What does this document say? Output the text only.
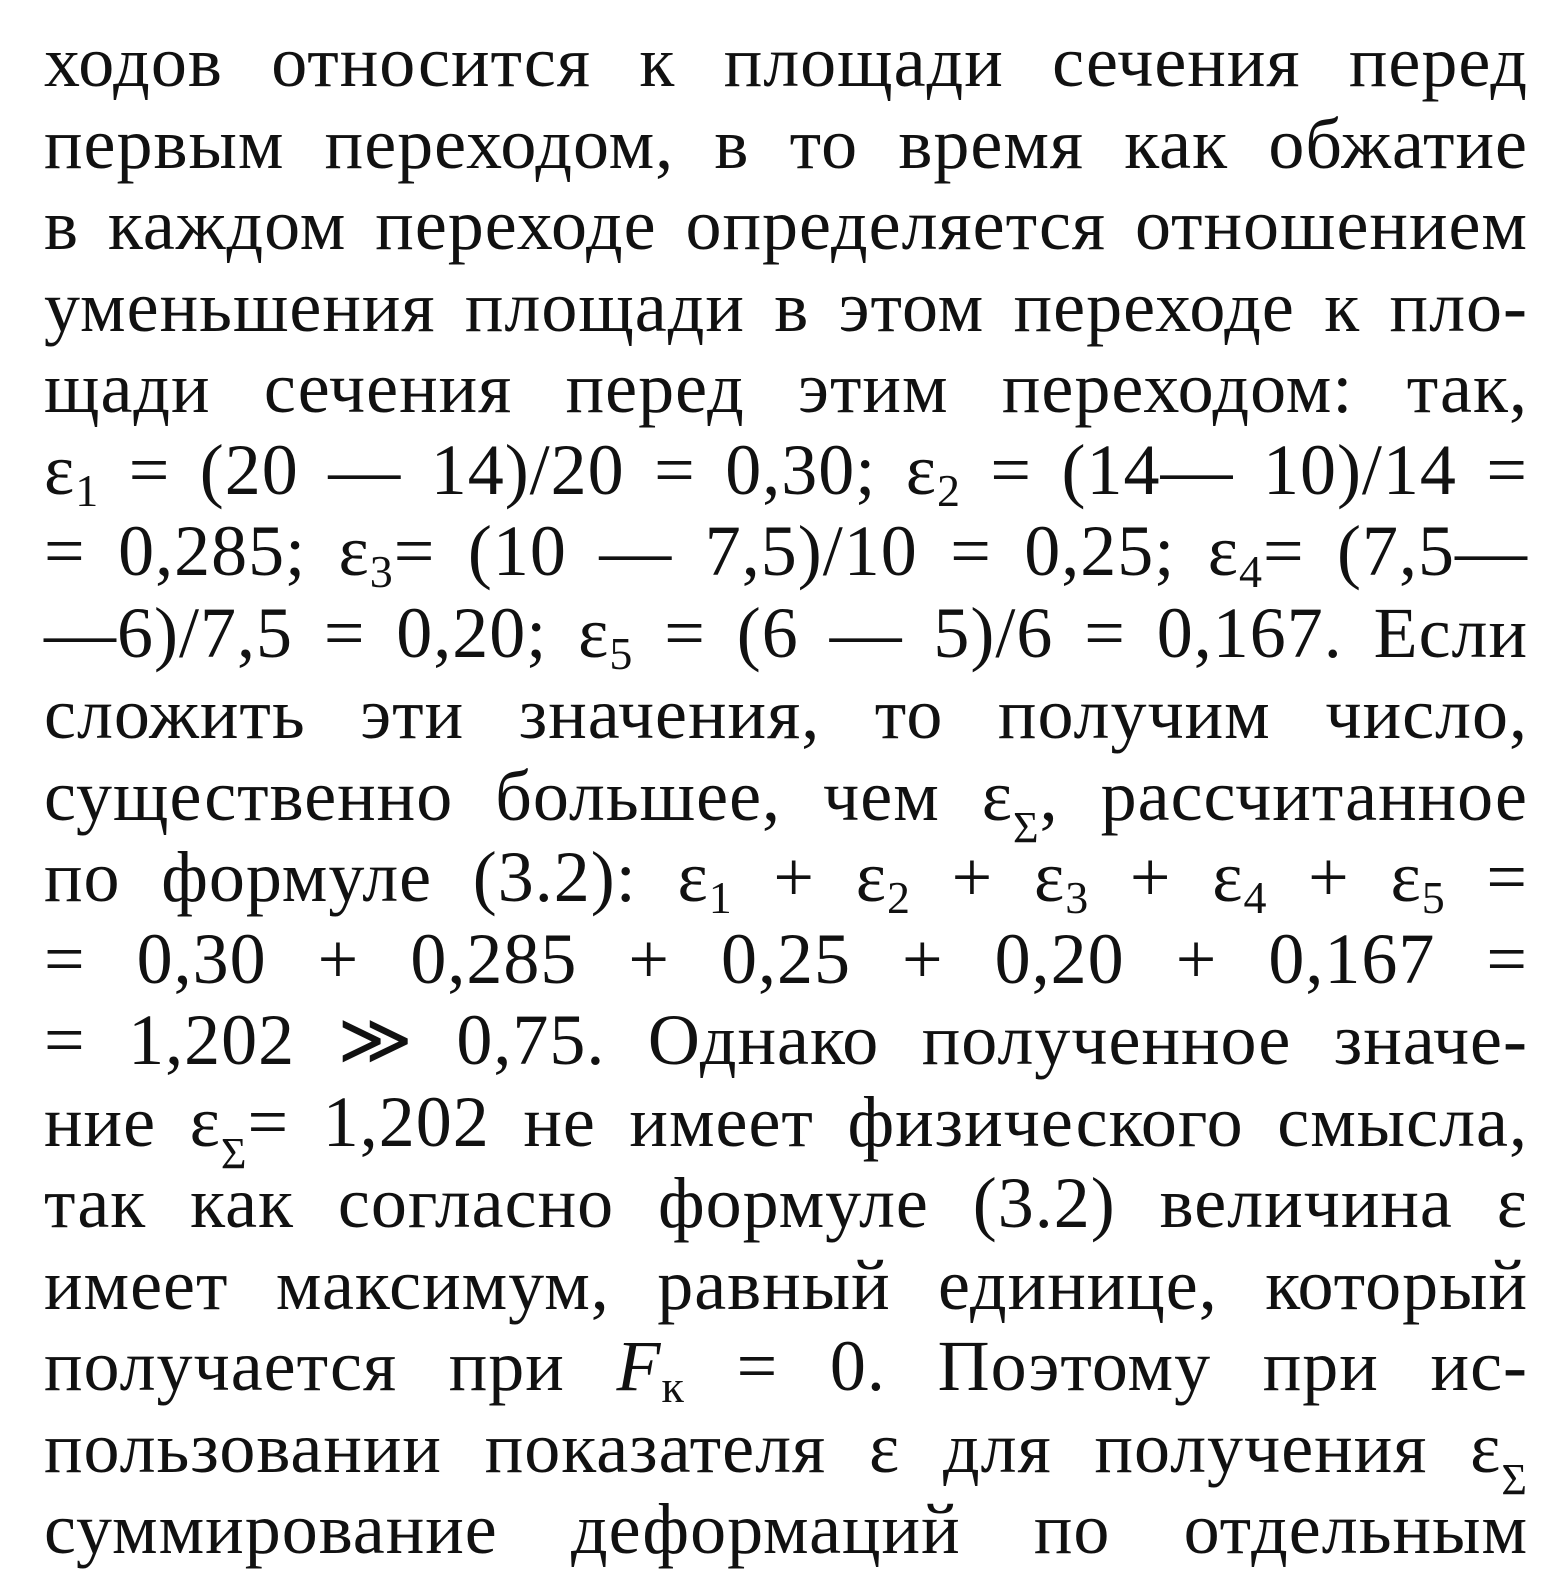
ходов относится к площади сечения перед
первым переходом, в то время как обжатие
в каждом переходе определяется отношением
уменьшения площади в этом переходе к пло-
щади сечения перед этим переходом: так,
$\varepsilon_1 = (20$ — 14)/20 = 0,30; $\varepsilon_2$ = (14— 10)/14 =
= 0,285; $\varepsilon_3= (10$ — 7,5)/10 = 0,25; $\varepsilon_4=$ (7,5—
—6)/7,5 = 0,20; $\varepsilon_5 = (6$ — 5)/6 = 0,167. Если
сложить эти значения, то получим число,
существенно большее, чем $\varepsilon_\Sigma$, рассчитанное
по формуле (3.2): $\varepsilon_1 + \varepsilon_2 + \varepsilon_3 + \varepsilon_4 + \varepsilon_5$ =
= 0,30 + 0,285 + 0,25 + 0,20 + 0,167 =
= 1,202 ≫ 0,75. Однако полученное значе-
ние $\varepsilon_\Sigma= 1,202$ не имеет физического смысла,
так как согласно формуле (3.2) величина ε
имеет максимум, равный единице, который
получается при $F_к = 0$. Поэтому при ис-
пользовании показателя ε для получения $\varepsilon_\Sigma$
суммирование деформаций по отдельным
